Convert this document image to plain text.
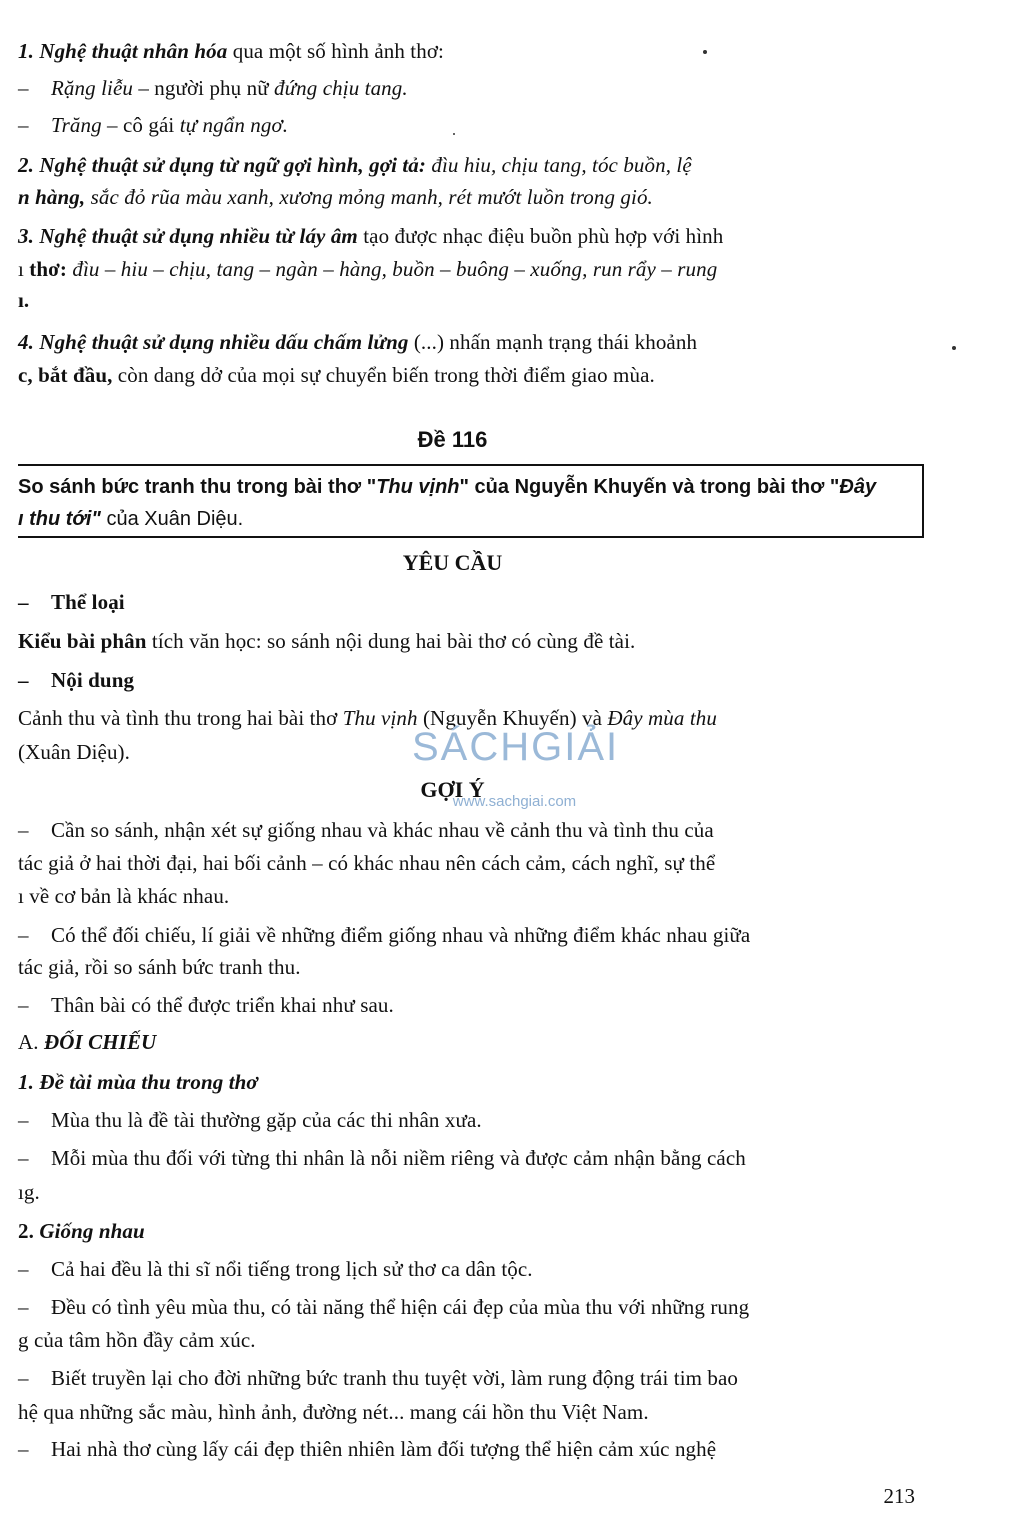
1. Nghệ thuật nhân hóa qua một số hình ảnh thơ:
– Rặng liễu – người phụ nữ đứng chịu tang.
– Trăng – cô gái tự ngẩn ngơ.
2. Nghệ thuật sử dụng từ ngữ gợi hình, gợi tả: đìu hiu, chịu tang, tóc buồn, lệ
n hàng, sắc đỏ rũa màu xanh, xương mỏng manh, rét mướt luồn trong gió.
3. Nghệ thuật sử dụng nhiều từ láy âm tạo được nhạc điệu buồn phù hợp với hình
ı thơ: đìu – hiu – chịu, tang – ngàn – hàng, buồn – buông – xuống, run rẩy – rung
ı.
4. Nghệ thuật sử dụng nhiều dấu chấm lửng (...) nhấn mạnh trạng thái khoảnh
c, bắt đầu, còn dang dở của mọi sự chuyển biến trong thời điểm giao mùa.
Đề 116
So sánh bức tranh thu trong bài thơ "Thu vịnh" của Nguyễn Khuyến và trong bài thơ "Đây
ı thu tới" của Xuân Diệu.
YÊU CẦU
– Thể loại
Kiểu bài phân tích văn học: so sánh nội dung hai bài thơ có cùng đề tài.
– Nội dung
Cảnh thu và tình thu trong hai bài thơ Thu vịnh (Nguyễn Khuyến) và Đây mùa thu
(Xuân Diệu).	SÁCHGIẢI
www.sachgiai.com
GỢI Ý
– Cần so sánh, nhận xét sự giống nhau và khác nhau về cảnh thu và tình thu của
tác giả ở hai thời đại, hai bối cảnh – có khác nhau nên cách cảm, cách nghĩ, sự thể
ı về cơ bản là khác nhau.
– Có thể đối chiếu, lí giải về những điểm giống nhau và những điểm khác nhau giữa
tác giả, rồi so sánh bức tranh thu.
– Thân bài có thể được triển khai như sau.
A. ĐỐI CHIẾU
1. Đề tài mùa thu trong thơ
– Mùa thu là đề tài thường gặp của các thi nhân xưa.
– Mỗi mùa thu đối với từng thi nhân là nỗi niềm riêng và được cảm nhận bằng cách
ıg.
2. Giống nhau
– Cả hai đều là thi sĩ nổi tiếng trong lịch sử thơ ca dân tộc.
– Đều có tình yêu mùa thu, có tài năng thể hiện cái đẹp của mùa thu với những rung
g của tâm hồn đầy cảm xúc.
– Biết truyền lại cho đời những bức tranh thu tuyệt vời, làm rung động trái tim bao
hệ qua những sắc màu, hình ảnh, đường nét... mang cái hồn thu Việt Nam.
– Hai nhà thơ cùng lấy cái đẹp thiên nhiên làm đối tượng thể hiện cảm xúc nghệ
213
